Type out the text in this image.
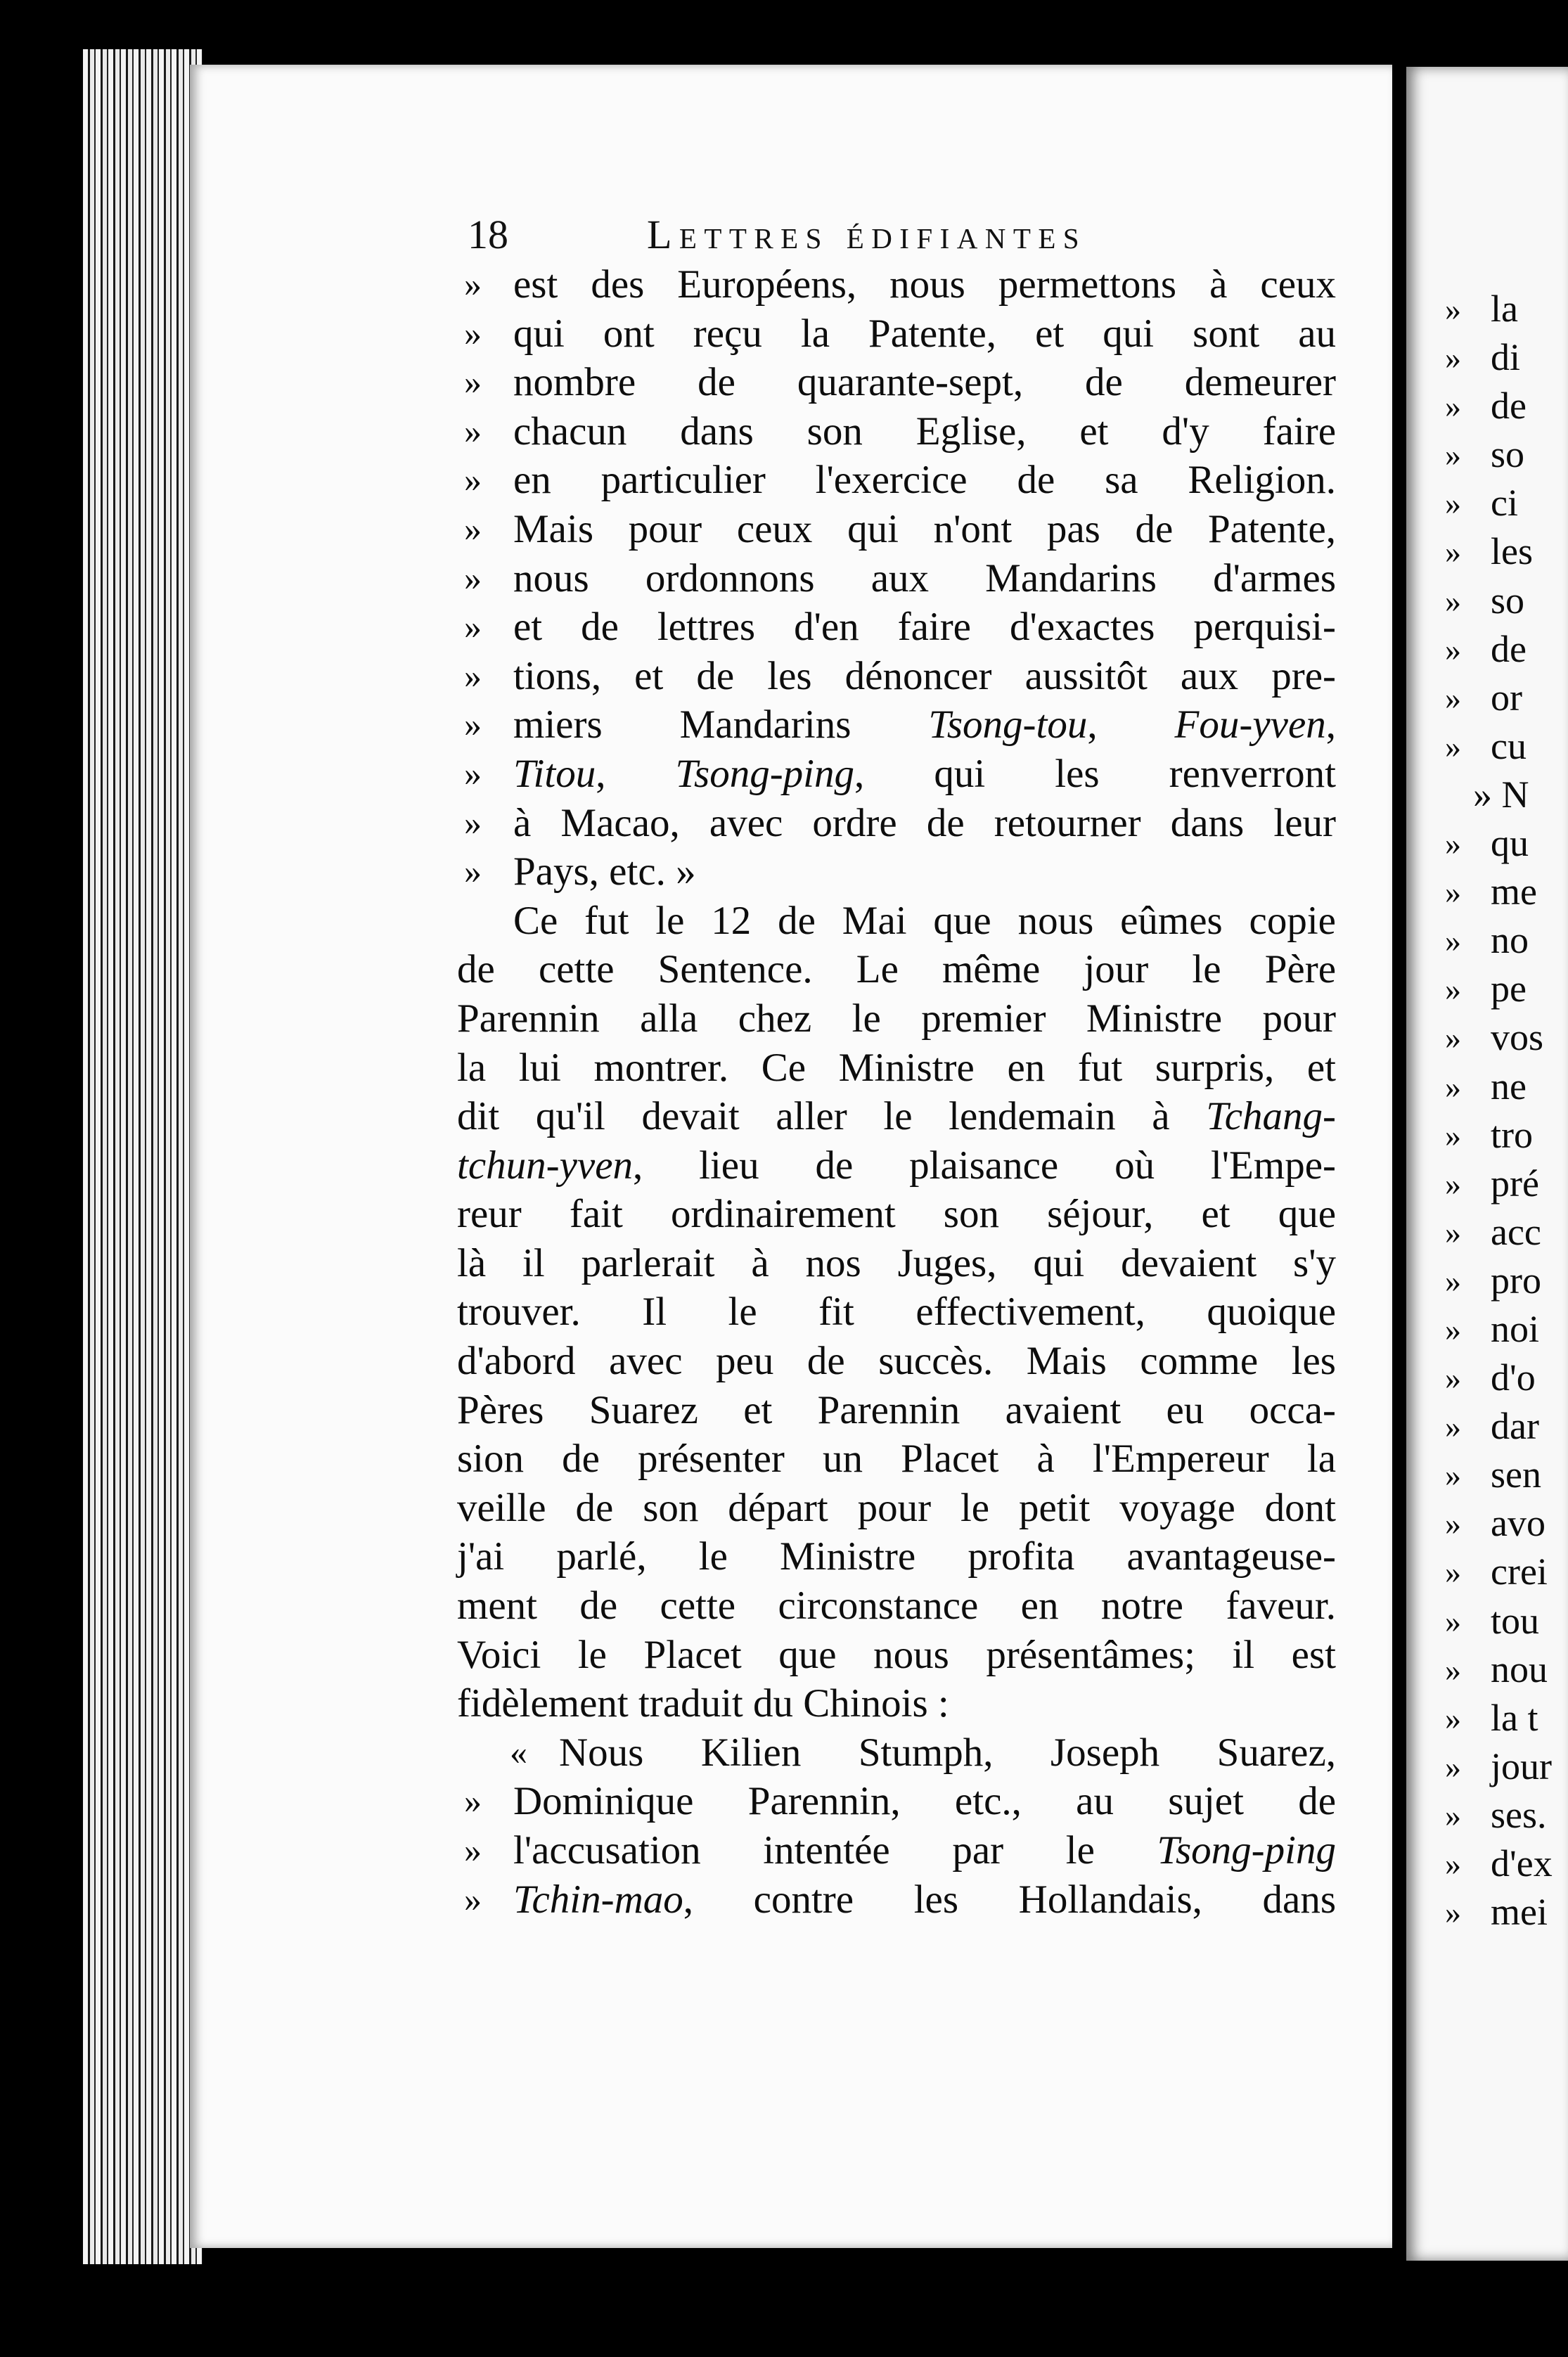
18	Lettres édifiantes
» est des Européens, nous permettons à ceux
» qui ont reçu la Patente, et qui sont au
» nombre de quarante-sept, de demeurer
» chacun dans son Eglise, et d'y faire
» en particulier l'exercice de sa Religion.
» Mais pour ceux qui n'ont pas de Patente,
» nous ordonnons aux Mandarins d'armes
» et de lettres d'en faire d'exactes perquisi-
» tions, et de les dénoncer aussitôt aux pre-
» miers Mandarins Tsong-tou, Fou-yven,
» Titou, Tsong-ping, qui les renverront
» à Macao, avec ordre de retourner dans leur
» Pays, etc. »
Ce fut le 12 de Mai que nous eûmes copie
de cette Sentence. Le même jour le Père
Parennin alla chez le premier Ministre pour
la lui montrer. Ce Ministre en fut surpris, et
dit qu'il devait aller le lendemain à Tchang-
tchun-yven, lieu de plaisance où l'Empe-
reur fait ordinairement son séjour, et que
là il parlerait à nos Juges, qui devaient s'y
trouver. Il le fit effectivement, quoique
d'abord avec peu de succès. Mais comme les
Pères Suarez et Parennin avaient eu occa-
sion de présenter un Placet à l'Empereur la
veille de son départ pour le petit voyage dont
j'ai parlé, le Ministre profita avantageuse-
ment de cette circonstance en notre faveur.
Voici le Placet que nous présentâmes; il est
fidèlement traduit du Chinois :
« Nous Kilien Stumph, Joseph Suarez,
» Dominique Parennin, etc., au sujet de
» l'accusation intentée par le Tsong-ping
» Tchin-mao, contre les Hollandais, dans
» la
» di
» de
» so
» ci
» les
» so
» de
» or
» cu
» N
» qu
» me
» no
» pe
» vos
» ne
» tro
» pré
» acc
» pro
» noi
» d'o
» dar
» sen
» avo
» crei
» tou
» nou
» la t
» jour
» ses.
» d'ex
» mei
